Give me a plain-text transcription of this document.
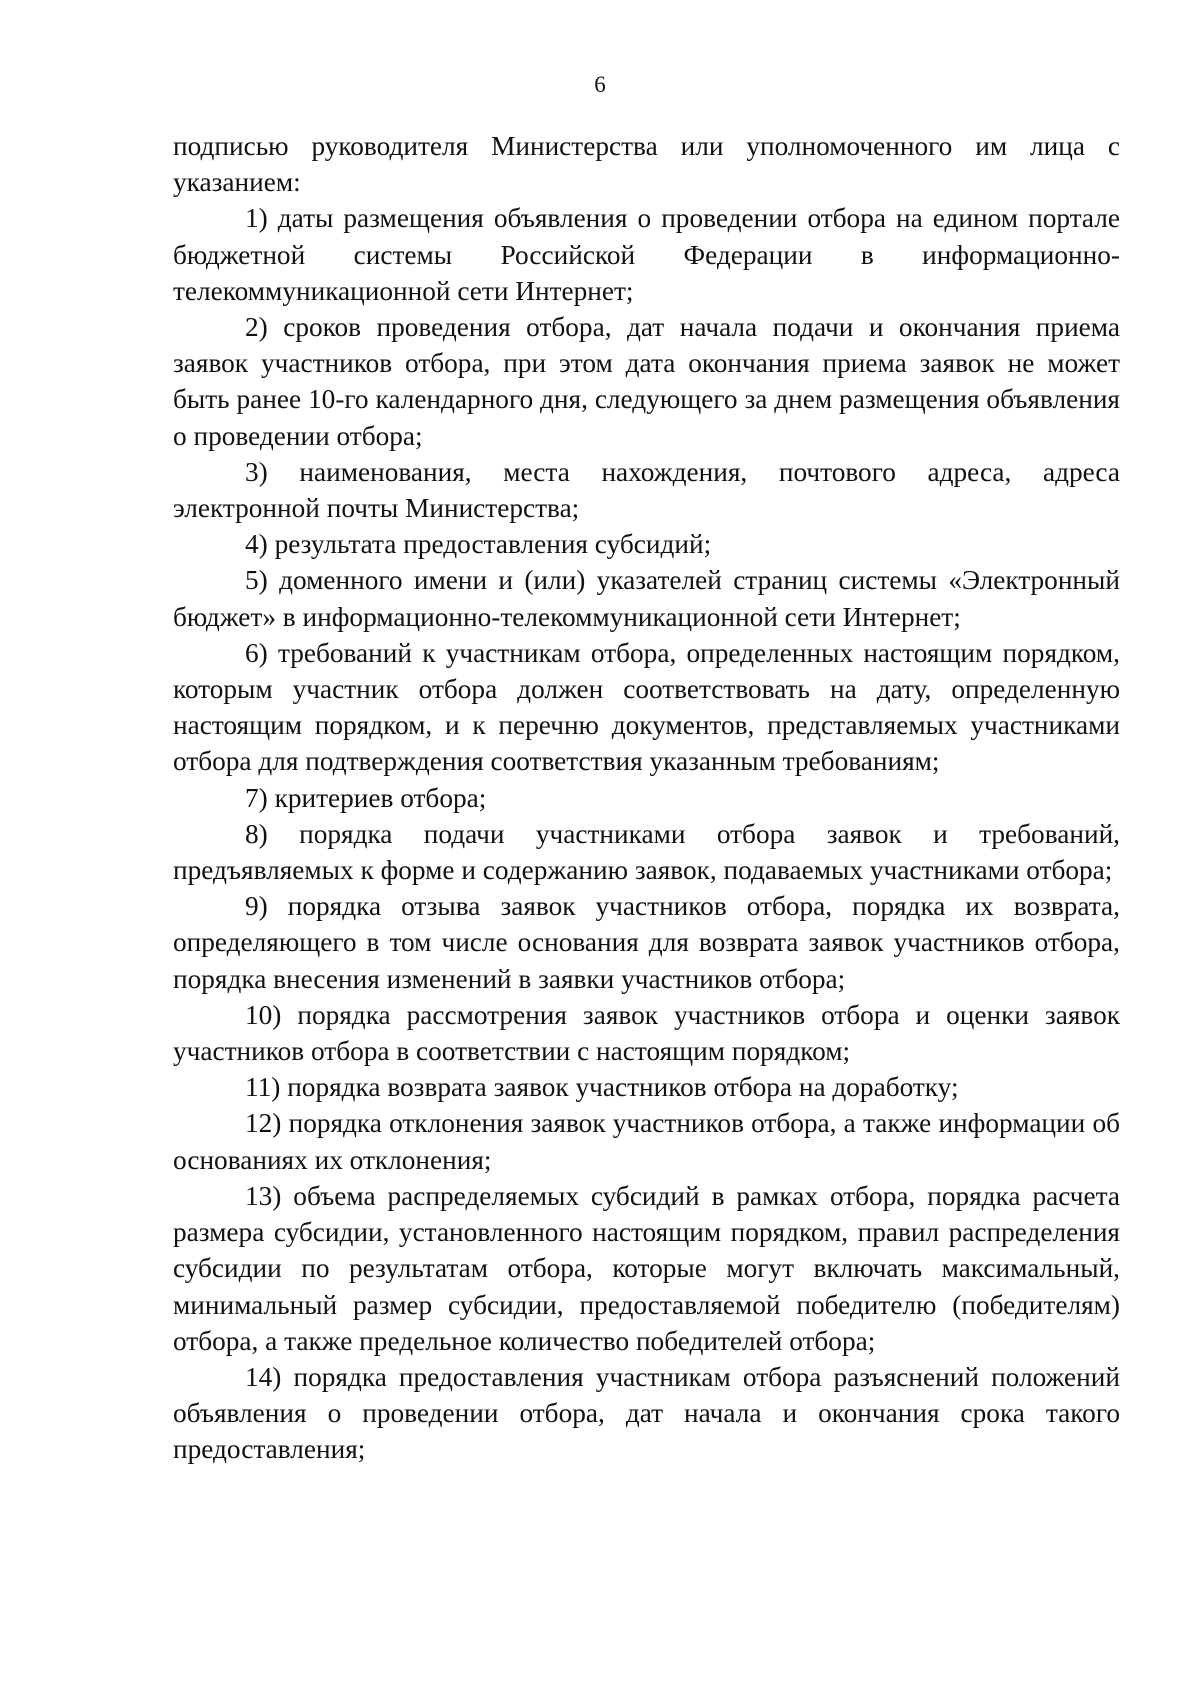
6

подписью руководителя Министерства или уполномоченного им лица с указанием:

1) даты размещения объявления о проведении отбора на едином портале бюджетной системы Российской Федерации в информационно-телекоммуникационной сети Интернет;

2) сроков проведения отбора, дат начала подачи и окончания приема заявок участников отбора, при этом дата окончания приема заявок не может быть ранее 10-го календарного дня, следующего за днем размещения объявления о проведении отбора;

3) наименования, места нахождения, почтового адреса, адреса электронной почты Министерства;

4) результата предоставления субсидий;

5) доменного имени и (или) указателей страниц системы «Электронный бюджет» в информационно-телекоммуникационной сети Интернет;

6) требований к участникам отбора, определенных настоящим порядком, которым участник отбора должен соответствовать на дату, определенную настоящим порядком, и к перечню документов, представляемых участниками отбора для подтверждения соответствия указанным требованиям;

7) критериев отбора;

8) порядка подачи участниками отбора заявок и требований, предъявляемых к форме и содержанию заявок, подаваемых участниками отбора;

9) порядка отзыва заявок участников отбора, порядка их возврата, определяющего в том числе основания для возврата заявок участников отбора, порядка внесения изменений в заявки участников отбора;

10) порядка рассмотрения заявок участников отбора и оценки заявок участников отбора в соответствии с настоящим порядком;

11) порядка возврата заявок участников отбора на доработку;

12) порядка отклонения заявок участников отбора, а также информации об основаниях их отклонения;

13) объема распределяемых субсидий в рамках отбора, порядка расчета размера субсидии, установленного настоящим порядком, правил распределения субсидии по результатам отбора, которые могут включать максимальный, минимальный размер субсидии, предоставляемой победителю (победителям) отбора, а также предельное количество победителей отбора;

14) порядка предоставления участникам отбора разъяснений положений объявления о проведении отбора, дат начала и окончания срока такого предоставления;
